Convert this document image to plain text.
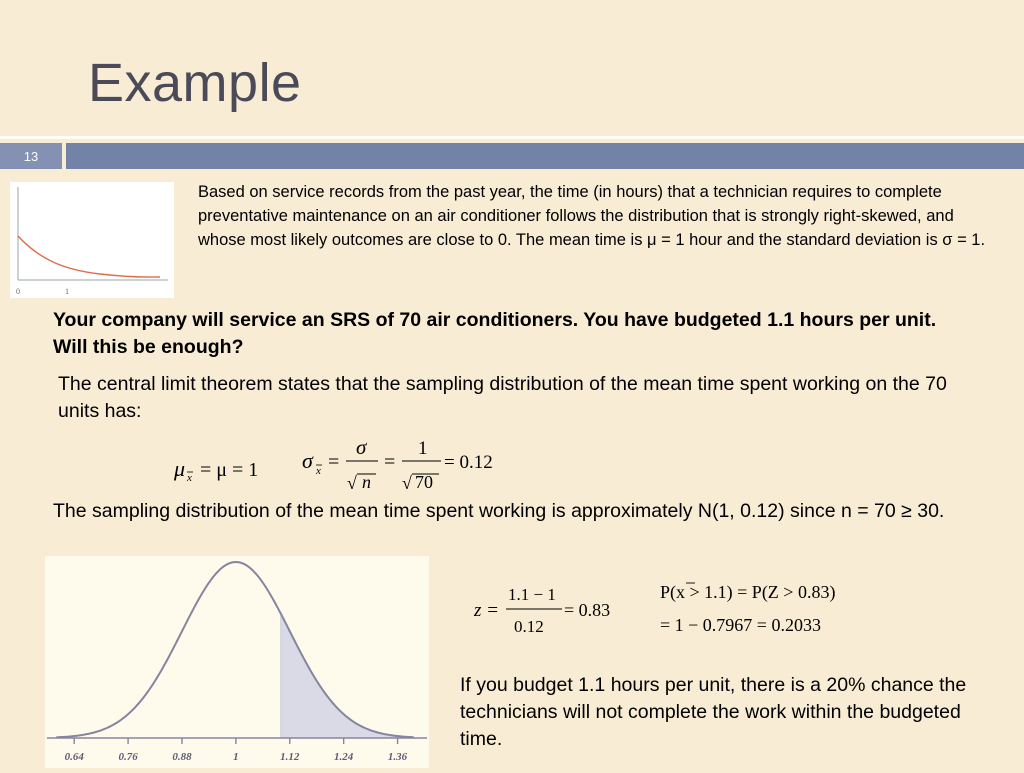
Example
13
0	1
Based on service records from the past year, the time (in hours) that a technician requires to complete preventative maintenance on an air conditioner follows the distribution that is strongly right-skewed, and whose most likely outcomes are close to 0. The mean time is μ = 1 hour and the standard deviation is σ = 1.
Your company will service an SRS of 70 air conditioners. You have budgeted 1.1 hours per unit. Will this be enough?
The central limit theorem states that the sampling distribution of the mean time spent working on the 70 units has:
μ x = μ = 1 σ x =
σ
√ n
=
1
√ 70
= 0.12
The sampling distribution of the mean time spent working is approximately N(1, 0.12) since n = 70 ≥ 30.
0.64	0.76	0.88	1	1.12	1.24	1.36
z =
1.1 − 1
0.12
= 0.83
P(x > 1.1) = P(Z > 0.83)
= 1 − 0.7967 = 0.2033
If you budget 1.1 hours per unit, there is a 20% chance the technicians will not complete the work within the budgeted time.
